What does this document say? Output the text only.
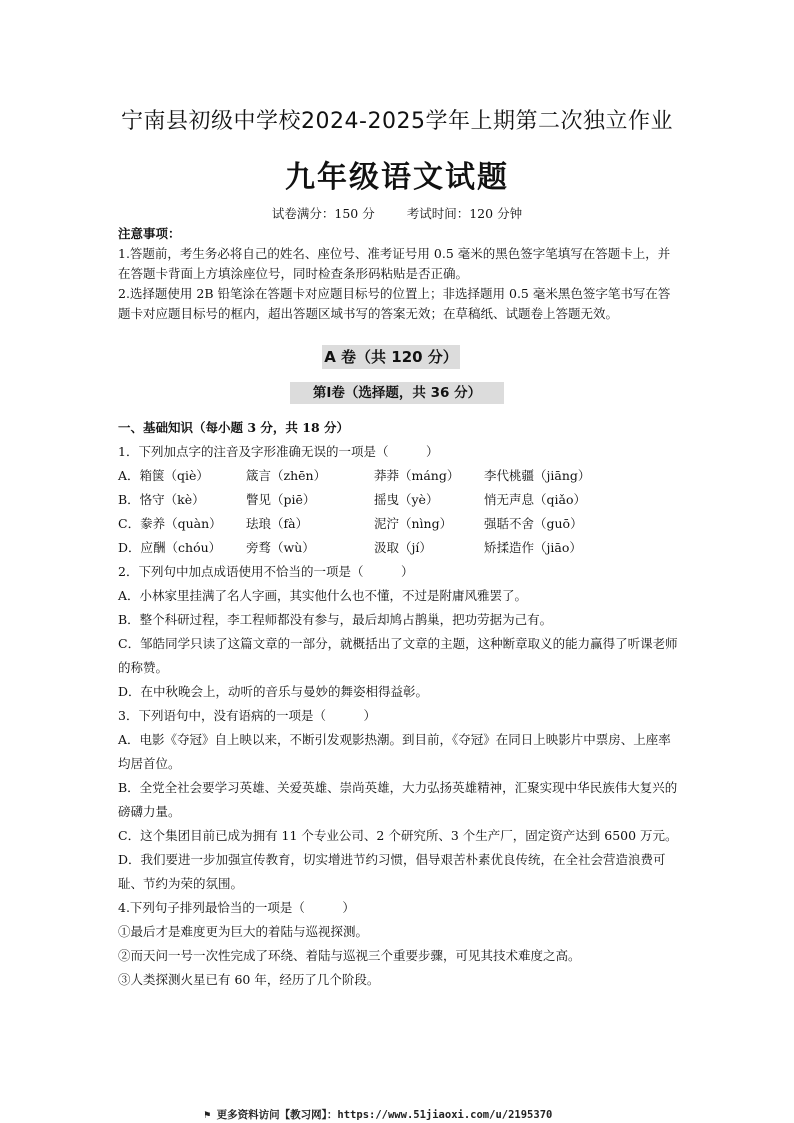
宁南县初级中学校2024-2025学年上期第二次独立作业
九年级语文试题
试卷满分：150 分	考试时间：120 分钟
注意事项：
1.答题前，考生务必将自己的姓名、座位号、准考证号用 0.5 毫米的黑色签字笔填写在答题卡上，并在答题卡背面上方填涂座位号，同时检查条形码粘贴是否正确。
2.选择题使用 2B 铅笔涂在答题卡对应题目标号的位置上；非选择题用 0.5 毫米黑色签字笔书写在答题卡对应题目标号的框内，超出答题区域书写的答案无效；在草稿纸、试题卷上答题无效。
A 卷（共 120 分）
第Ⅰ卷（选择题，共 36 分）

一、基础知识（每小题 3 分，共 18 分）

1．下列加点字的注音及字形准确无误的一项是（　　　）

A．箱箧（qiè）	箴言（zhēn）	莽莽（máng）	李代桃疆（jiāng）
B．恪守（kè）	瞥见（piē）	摇曳（yè）	悄无声息（qiǎo）
C．豢养（quàn）	珐琅（fà）	泥泞（nìng）	强聒不舍（guō）
D．应酬（chóu）	旁骛（wù）	汲取（jí）	矫揉造作（jiāo）

2．下列句中加点成语使用不恰当的一项是（　　　）

A．小林家里挂满了名人字画，其实他什么也不懂，不过是附庸风雅罢了。

B．整个科研过程，李工程师都没有参与，最后却鸠占鹊巢，把功劳据为己有。

C．邹皓同学只读了这篇文章的一部分，就概括出了文章的主题，这种断章取义的能力赢得了听课老师的称赞。

D．在中秋晚会上，动听的音乐与曼妙的舞姿相得益彰。

3．下列语句中，没有语病的一项是（　　　）

A．电影《夺冠》自上映以来，不断引发观影热潮。到目前，《夺冠》在同日上映影片中票房、上座率均居首位。

B．全党全社会要学习英雄、关爱英雄、崇尚英雄，大力弘扬英雄精神，汇聚实现中华民族伟大复兴的磅礴力量。

C．这个集团目前已成为拥有 11 个专业公司、2 个研究所、3 个生产厂，固定资产达到 6500 万元。

D．我们要进一步加强宣传教育，切实增进节约习惯，倡导艰苦朴素优良传统，在全社会营造浪费可耻、节约为荣的氛围。

4.下列句子排列最恰当的一项是（　　　）

①最后才是难度更为巨大的着陆与巡视探测。

②而天问一号一次性完成了环绕、着陆与巡视三个重要步骤，可见其技术难度之高。

③人类探测火星已有 60 年，经历了几个阶段。

⚑ 更多资料访问【教习网】：https://www.51jiaoxi.com/u/2195370
